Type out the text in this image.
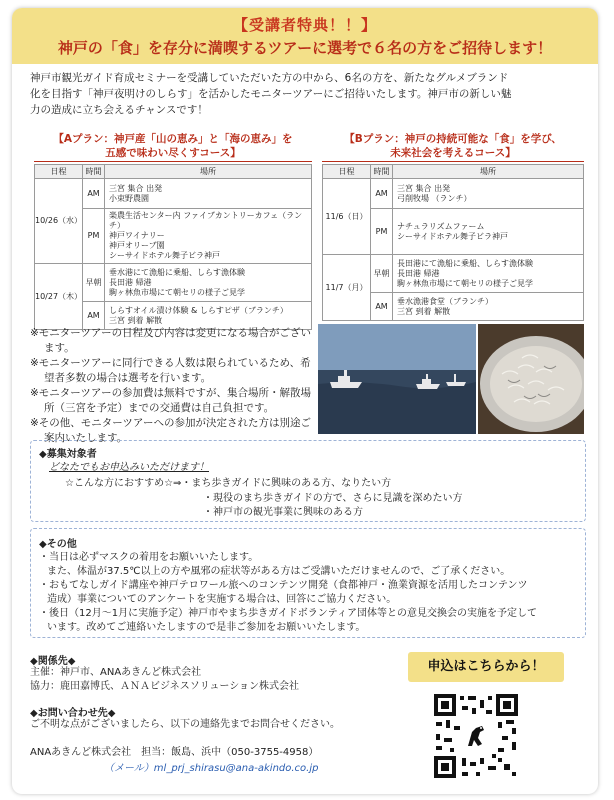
【受講者特典！！】
神戸の「食」を存分に満喫するツアーに選考で６名の方をご招待します！
神戸市観光ガイド育成セミナーを受講していただいた方の中から、6名の方を、新たなグルメブランド
化を目指す「神戸夜明けのしらす」を活かしたモニターツアーにご招待いたします。神戸市の新しい魅
力の造成に立ち会えるチャンスです！
【Aプラン：神戸産「山の恵み」と「海の恵み」を
五感で味わい尽くすコース】
日程	時間	場所
10/26（水）	AM	三宮 集合 出発
小束野農園

	PM	楽農生活センター内 ファイブカントリーカフェ（ランチ）
神戸ワイナリー
神戸オリーブ園
シーサイドホテル舞子ビラ神戸

10/27（木）	早朝	垂水港にて漁船に乗船、しらす漁体験
長田港 帰港
駒ヶ林魚市場にて朝セリの様子ご見学

	AM	しらすオイル漬け体験 & しらすピザ（ブランチ）
三宮 到着 解散
【Bプラン：神戸の持続可能な「食」を学び、
未来社会を考えるコース】
日程	時間	場所
11/6（日）	AM	三宮 集合 出発
弓削牧場 （ランチ）

	PM	ナチュラリズムファーム
シーサイドホテル舞子ビラ神戸

11/7（月）	早朝	長田港にて漁船に乗船、しらす漁体験
長田港 帰港
駒ヶ林魚市場にて朝セリの様子ご見学

	AM	垂水漁港食堂（ブランチ）
三宮 到着 解散
※モニターツアーの日程及び内容は変更になる場合がございます。
※モニターツアーに同行できる人数は限られているため、希望者多数の場合は選考を行います。
※モニターツアーの参加費は無料ですが、集合場所・解散場所（三宮を予定）までの交通費は自己負担です。
※その他、モニターツアーへの参加が決定された方は別途ご案内いたします。
◆募集対象者
どなたでもお申込みいただけます！
☆こんな方におすすめ☆⇒・まち歩きガイドに興味のある方、なりたい方
・現役のまち歩きガイドの方で、さらに見識を深めたい方
・神戸市の観光事業に興味のある方
◆その他
・当日は必ずマスクの着用をお願いいたします。
また、体温が37.5℃以上の方や風邪の症状等がある方はご受講いただけませんので、ご了承ください。
・おもてなしガイド講座や神戸テロワール旅へのコンテンツ開発（食都神戸・漁業資源を活用したコンテンツ
造成）事業についてのアンケートを実施する場合は、回答にご協力ください。
・後日（12月～1月に実施予定）神戸市やまち歩きガイドボランティア団体等との意見交換会の実施を予定して
います。改めてご連絡いたしますので是非ご参加をお願いいたします。
◆関係先◆
主催：神戸市、ANAあきんど株式会社
協力：鹿田嘉博氏、ＡＮＡビジネスソリューション株式会社
◆お問い合わせ先◆
ご不明な点がございましたら、以下の連絡先までお問合せください。
ANAあきんど株式会社　担当：飯島、浜中（050-3755-4958）
（メール）ml_prj_shirasu@ana-akindo.co.jp
申込はこちらから！
